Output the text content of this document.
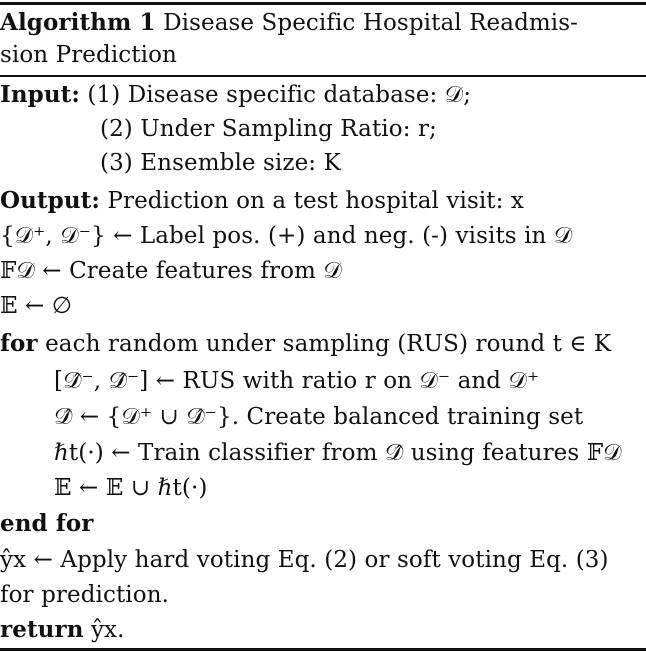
Algorithm 1 Disease Specific Hospital Readmis-
sion Prediction
Input: (1) Disease specific database: 𝒟;
(2) Under Sampling Ratio: r;
(3) Ensemble size: K
Output: Prediction on a test hospital visit: x
{𝒟⁺, 𝒟⁻} ← Label pos. (+) and neg. (-) visits in 𝒟
𝔽𝒟 ← Create features from 𝒟
𝔼 ← ∅
for each random under sampling (RUS) round t ∈ K
[𝒟̂⁻, 𝒟̂⁻] ← RUS with ratio r on 𝒟⁻ and 𝒟⁺
𝒟̂ ← {𝒟⁺ ∪ 𝒟̂⁻}. Create balanced training set
ℏt(·) ← Train classifier from 𝒟̂ using features 𝔽𝒟
𝔼 ← 𝔼 ∪ ℏt(·)
end for
ŷx ← Apply hard voting Eq. (2) or soft voting Eq. (3)
for prediction.
return ŷx.
